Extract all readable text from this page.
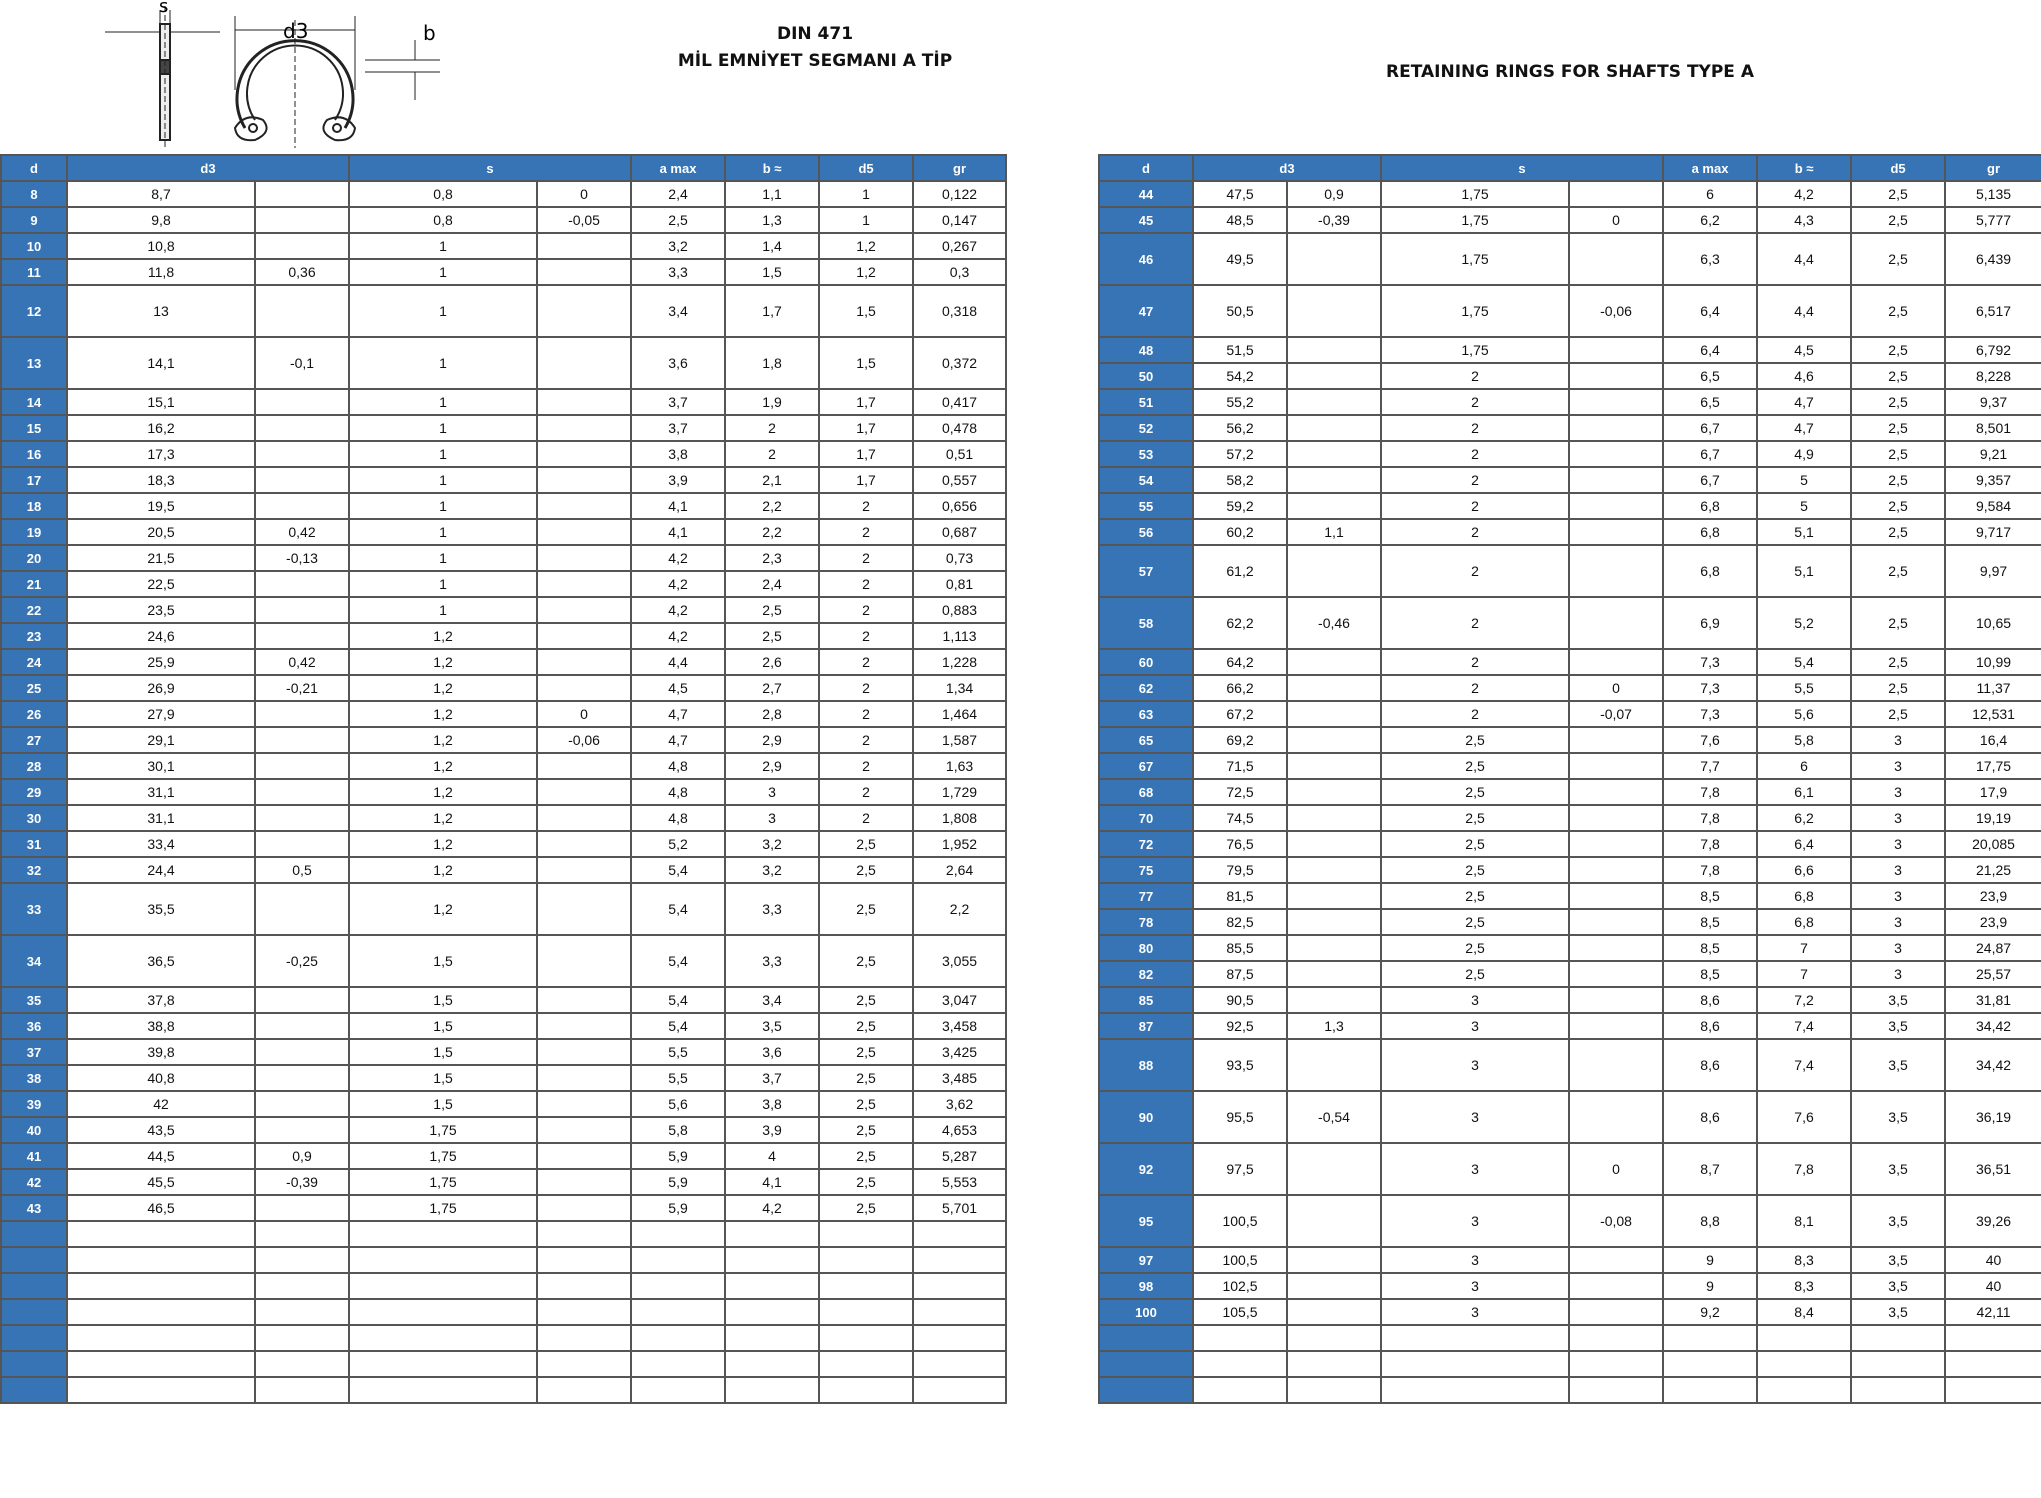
DIN 471
MİL EMNİYET SEGMANI A TİP
RETAINING RINGS FOR SHAFTS TYPE A
s
d3	b
d	d3		s		a max	b ≈	d5	gr
8	8,7		0,8	0	2,4	1,1	1	0,122
9	9,8		0,8	-0,05	2,5	1,3	1	0,147
10	10,8		1		3,2	1,4	1,2	0,267
11	11,8	0,36	1		3,3	1,5	1,2	0,3
12	13		1		3,4	1,7	1,5	0,318
13	14,1	-0,1	1		3,6	1,8	1,5	0,372
14	15,1		1		3,7	1,9	1,7	0,417
15	16,2		1		3,7	2	1,7	0,478
16	17,3		1		3,8	2	1,7	0,51
17	18,3		1		3,9	2,1	1,7	0,557
18	19,5		1		4,1	2,2	2	0,656
19	20,5	0,42	1		4,1	2,2	2	0,687
20	21,5	-0,13	1		4,2	2,3	2	0,73
21	22,5		1		4,2	2,4	2	0,81
22	23,5		1		4,2	2,5	2	0,883
23	24,6		1,2		4,2	2,5	2	1,113
24	25,9	0,42	1,2		4,4	2,6	2	1,228
25	26,9	-0,21	1,2		4,5	2,7	2	1,34
26	27,9		1,2	0	4,7	2,8	2	1,464
27	29,1		1,2	-0,06	4,7	2,9	2	1,587
28	30,1		1,2		4,8	2,9	2	1,63
29	31,1		1,2		4,8	3	2	1,729
30	31,1		1,2		4,8	3	2	1,808
31	33,4		1,2		5,2	3,2	2,5	1,952
32	24,4	0,5	1,2		5,4	3,2	2,5	2,64
33	35,5		1,2		5,4	3,3	2,5	2,2
34	36,5	-0,25	1,5		5,4	3,3	2,5	3,055
35	37,8		1,5		5,4	3,4	2,5	3,047
36	38,8		1,5		5,4	3,5	2,5	3,458
37	39,8		1,5		5,5	3,6	2,5	3,425
38	40,8		1,5		5,5	3,7	2,5	3,485
39	42		1,5		5,6	3,8	2,5	3,62
40	43,5		1,75		5,8	3,9	2,5	4,653
41	44,5	0,9	1,75		5,9	4	2,5	5,287
42	45,5	-0,39	1,75		5,9	4,1	2,5	5,553
43	46,5		1,75		5,9	4,2	2,5	5,701

d	d3		s		a max	b ≈	d5	gr
44	47,5	0,9	1,75		6	4,2	2,5	5,135
45	48,5	-0,39	1,75	0	6,2	4,3	2,5	5,777
46	49,5		1,75		6,3	4,4	2,5	6,439
47	50,5		1,75	-0,06	6,4	4,4	2,5	6,517
48	51,5		1,75		6,4	4,5	2,5	6,792
50	54,2		2		6,5	4,6	2,5	8,228
51	55,2		2		6,5	4,7	2,5	9,37
52	56,2		2		6,7	4,7	2,5	8,501
53	57,2		2		6,7	4,9	2,5	9,21
54	58,2		2		6,7	5	2,5	9,357
55	59,2		2		6,8	5	2,5	9,584
56	60,2	1,1	2		6,8	5,1	2,5	9,717
57	61,2		2		6,8	5,1	2,5	9,97
58	62,2	-0,46	2		6,9	5,2	2,5	10,65
60	64,2		2		7,3	5,4	2,5	10,99
62	66,2		2	0	7,3	5,5	2,5	11,37
63	67,2		2	-0,07	7,3	5,6	2,5	12,531
65	69,2		2,5		7,6	5,8	3	16,4
67	71,5		2,5		7,7	6	3	17,75
68	72,5		2,5		7,8	6,1	3	17,9
70	74,5		2,5		7,8	6,2	3	19,19
72	76,5		2,5		7,8	6,4	3	20,085
75	79,5		2,5		7,8	6,6	3	21,25
77	81,5		2,5		8,5	6,8	3	23,9
78	82,5		2,5		8,5	6,8	3	23,9
80	85,5		2,5		8,5	7	3	24,87
82	87,5		2,5		8,5	7	3	25,57
85	90,5		3		8,6	7,2	3,5	31,81
87	92,5	1,3	3		8,6	7,4	3,5	34,42
88	93,5		3		8,6	7,4	3,5	34,42
90	95,5	-0,54	3		8,6	7,6	3,5	36,19
92	97,5		3	0	8,7	7,8	3,5	36,51
95	100,5		3	-0,08	8,8	8,1	3,5	39,26
97	100,5		3		9	8,3	3,5	40
98	102,5		3		9	8,3	3,5	40
100	105,5		3		9,2	8,4	3,5	42,11
